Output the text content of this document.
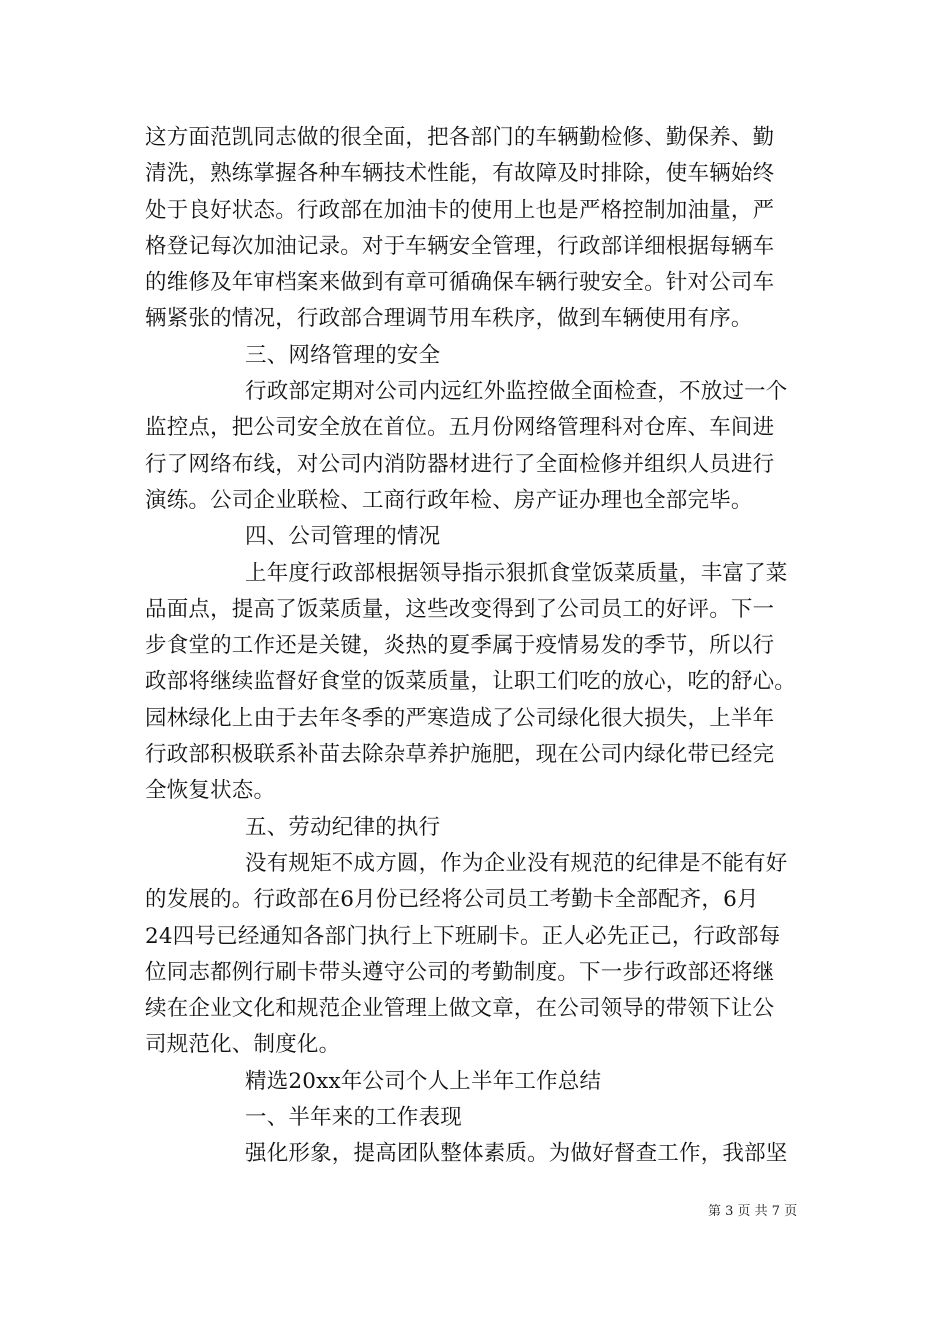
这方面范凯同志做的很全面，把各部门的车辆勤检修、勤保养、勤
清洗，熟练掌握各种车辆技术性能，有故障及时排除，使车辆始终
处于良好状态。行政部在加油卡的使用上也是严格控制加油量，严
格登记每次加油记录。对于车辆安全管理，行政部详细根据每辆车
的维修及年审档案来做到有章可循确保车辆行驶安全。针对公司车
辆紧张的情况，行政部合理调节用车秩序，做到车辆使用有序。
三、网络管理的安全
行政部定期对公司内远红外监控做全面检查，不放过一个
监控点，把公司安全放在首位。五月份网络管理科对仓库、车间进
行了网络布线，对公司内消防器材进行了全面检修并组织人员进行
演练。公司企业联检、工商行政年检、房产证办理也全部完毕。
四、公司管理的情况
上年度行政部根据领导指示狠抓食堂饭菜质量，丰富了菜
品面点，提高了饭菜质量，这些改变得到了公司员工的好评。下一
步食堂的工作还是关键，炎热的夏季属于疫情易发的季节，所以行
政部将继续监督好食堂的饭菜质量，让职工们吃的放心，吃的舒心。
园林绿化上由于去年冬季的严寒造成了公司绿化很大损失，上半年
行政部积极联系补苗去除杂草养护施肥，现在公司内绿化带已经完
全恢复状态。
五、劳动纪律的执行
没有规矩不成方圆，作为企业没有规范的纪律是不能有好
的发展的。行政部在6月份已经将公司员工考勤卡全部配齐，6月
24四号已经通知各部门执行上下班刷卡。正人必先正己，行政部每
位同志都例行刷卡带头遵守公司的考勤制度。下一步行政部还将继
续在企业文化和规范企业管理上做文章，在公司领导的带领下让公
司规范化、制度化。
精选20xx年公司个人上半年工作总结
一、半年来的工作表现
强化形象，提高团队整体素质。为做好督查工作，我部坚
第 3 页 共 7 页
